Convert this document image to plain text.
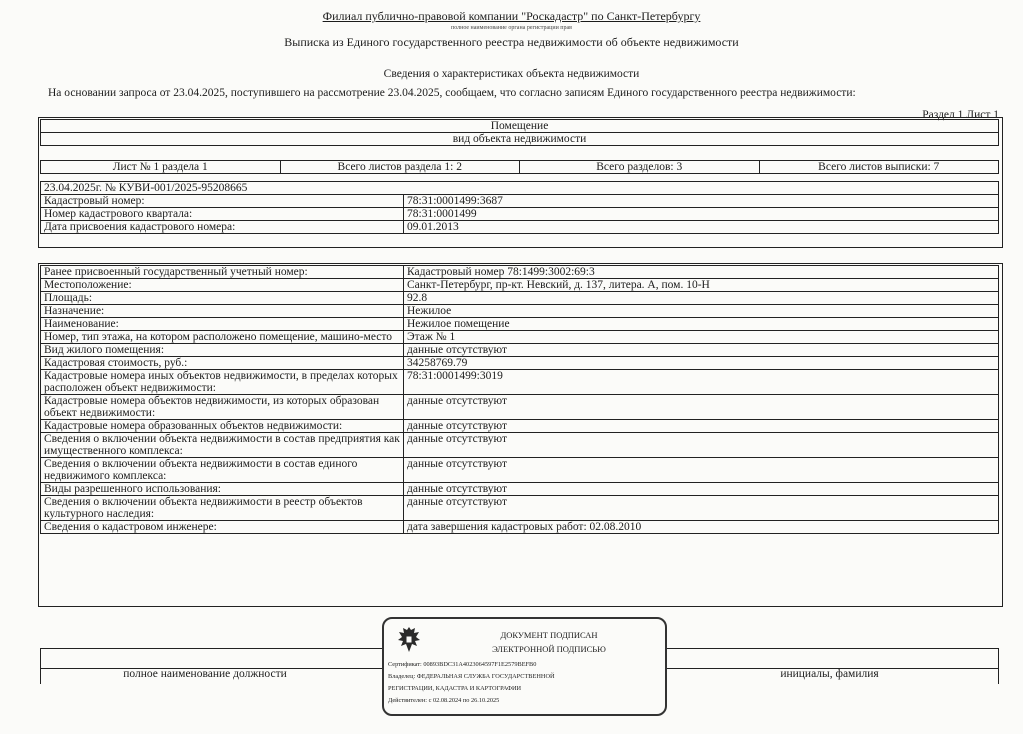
Филиал публично-правовой компании "Роскадастр" по Санкт-Петербургу
полное наименование органа регистрации прав
Выписка из Единого государственного реестра недвижимости об объекте недвижимости
Сведения о характеристиках объекта недвижимости
На основании запроса от 23.04.2025, поступившего на рассмотрение 23.04.2025, сообщаем, что согласно записям Единого государственного реестра недвижимости:
Раздел 1 Лист 1
Помещение
вид объекта недвижимости
Лист № 1 раздела 1	Всего листов раздела 1: 2	Всего разделов: 3	Всего листов выписки: 7
23.04.2025г. № КУВИ-001/2025-95208665	
Кадастровый номер:	78:31:0001499:3687
Номер кадастрового квартала:	78:31:0001499
Дата присвоения кадастрового номера:	09.01.2013
Ранее присвоенный государственный учетный номер:	Кадастровый номер 78:1499:3002:69:3
Местоположение:	Санкт-Петербург, пр-кт. Невский, д. 137, литера. А, пом. 10-Н
Площадь:	92.8
Назначение:	Нежилое
Наименование:	Нежилое помещение
Номер, тип этажа, на котором расположено помещение, машино-место	Этаж № 1
Вид жилого помещения:	данные отсутствуют
Кадастровая стоимость, руб.:	34258769.79
Кадастровые номера иных объектов недвижимости, в пределах которых расположен объект недвижимости:	78:31:0001499:3019
Кадастровые номера объектов недвижимости, из которых образован объект недвижимости:	данные отсутствуют
Кадастровые номера образованных объектов недвижимости:	данные отсутствуют
Сведения о включении объекта недвижимости в состав предприятия как имущественного комплекса:	данные отсутствуют
Сведения о включении объекта недвижимости в состав единого недвижимого комплекса:	данные отсутствуют
Виды разрешенного использования:	данные отсутствуют
Сведения о включении объекта недвижимости в реестр объектов культурного наследия:	данные отсутствуют
Сведения о кадастровом инженере:	дата завершения кадастровых работ: 02.08.2010
полное наименование должности	инициалы, фамилия
ДОКУМЕНТ ПОДПИСАН
ЭЛЕКТРОННОЙ ПОДПИСЬЮ
Сертификат: 00893BDC31A4023064597F1E2579BEFB0
Владелец: ФЕДЕРАЛЬНАЯ СЛУЖБА ГОСУДАРСТВЕННОЙ
РЕГИСТРАЦИИ, КАДАСТРА И КАРТОГРАФИИ
Действителен: с 02.08.2024 по 26.10.2025
